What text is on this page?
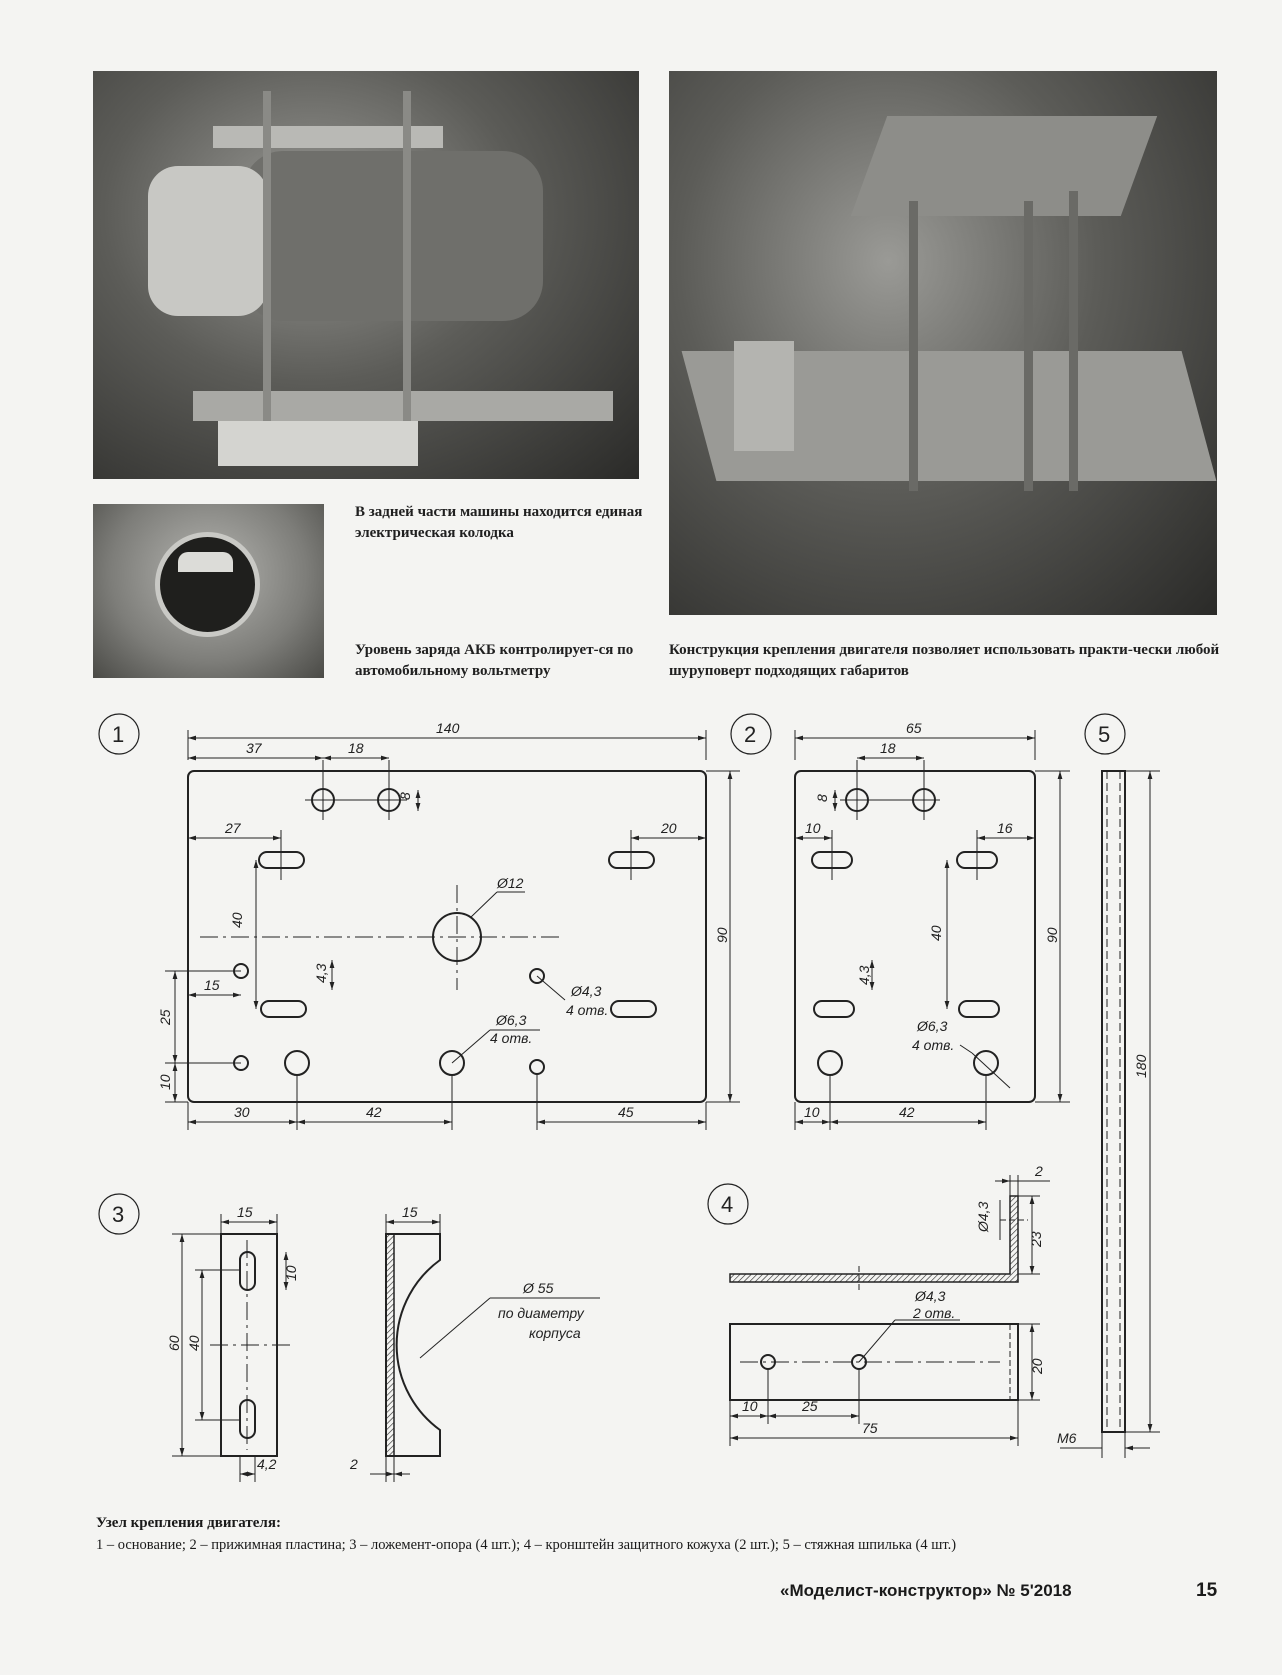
В задней части машины находится единая электрическая колодка
Уровень заряда АКБ контролирует-ся по автомобильному вольтметру
Конструкция крепления двигателя позволяет использовать практи-чески любой шуруповерт подходящих габаритов
1	140
37	18
8
27	20
Ø12
40
4,3
15
25
10
Ø4,3
4 отв.
Ø6,3
4 отв.
90
30	42	45
2	65
18
8
10	16
40	90
4,3
Ø6,3
4 отв.
10	42
5
180
M6
3	15	15
10
60 40
4,2	2
Ø 55
по диаметру
корпуса
4
2
Ø4,3
23
Ø4,3
2 отв.
20
10	25
75
Узел крепления двигателя:
1 – основание; 2 – прижимная пластина; 3 – ложемент-опора (4 шт.); 4 – кронштейн защитного кожуха (2 шт.); 5 – стяжная шпилька (4 шт.)
«Моделист-конструктор» № 5'2018	15
